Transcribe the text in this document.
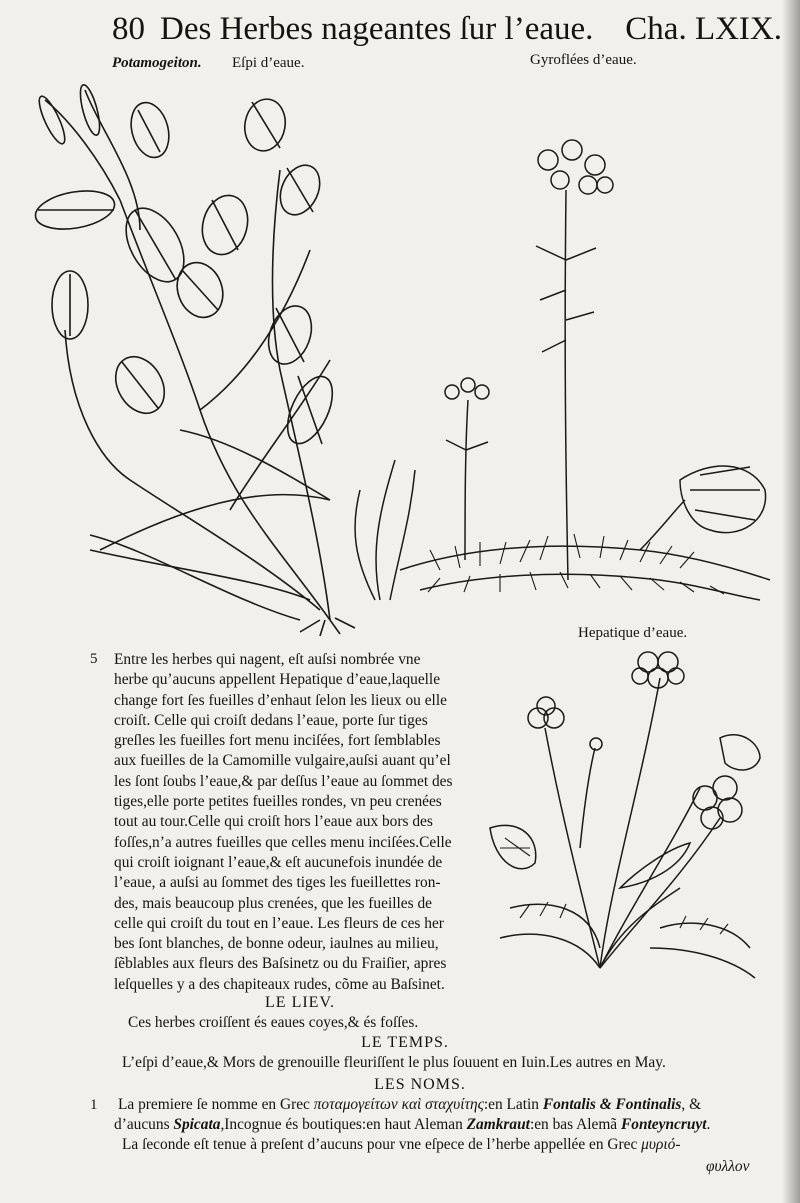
80 Des Herbes nageantes ſur l’eaue. Cha. LXIX.
Potamogeiton. Eſpi d’eaue.	Gyroflées d’eaue.
Hepatique d’eaue.
5 Entre les herbes qui nagent, eſt auſsi nombrée vne
herbe qu’aucuns appellent Hepatique d’eaue,laquelle
change fort ſes fueilles d’enhaut ſelon les lieux ou elle
croiſt. Celle qui croiſt dedans l’eaue, porte ſur tiges
greſles les fueilles fort menu inciſées, fort ſemblables
aux fueilles de la Camomille vulgaire,auſsi auant qu’el
les ſont ſoubs l’eaue,& par deſſus l’eaue au ſommet des
tiges,elle porte petites fueilles rondes, vn peu crenées
tout au tour.Celle qui croiſt hors l’eaue aux bors des
foſſes,n’a autres fueilles que celles menu inciſées.Celle
qui croiſt ioignant l’eaue,& eſt aucunefois inundée de
l’eaue, a auſsi au ſommet des tiges les fueillettes ron-
des, mais beaucoup plus crenées, que les fueilles de
celle qui croiſt du tout en l’eaue. Les fleurs de ces her
bes ſont blanches, de bonne odeur, iaulnes au milieu,
ſẽblables aux fleurs des Baſsinetz ou du Fraiſier, apres
leſquelles y a des chapiteaux rudes, cõme au Baſsinet.
LE LIEV.
Ces herbes croiſſent és eaues coyes,& és foſſes.
LE TEMPS.
L’eſpi d’eaue,& Mors de grenouille fleuriſſent le plus ſouuent en Iuin.Les autres en May.
LES NOMS.
1 La premiere ſe nomme en Grec ποταμογείτων καὶ σταχυίτης:en Latin Fontalis & Fontinalis, &
d’aucuns Spicata,Incognue és boutiques:en haut Aleman Zamkraut:en bas Alemã Fonteyncruyt.
La ſeconde eſt tenue à preſent d’aucuns pour vne eſpece de l’herbe appellée en Grec μυριό-
φυλλον
